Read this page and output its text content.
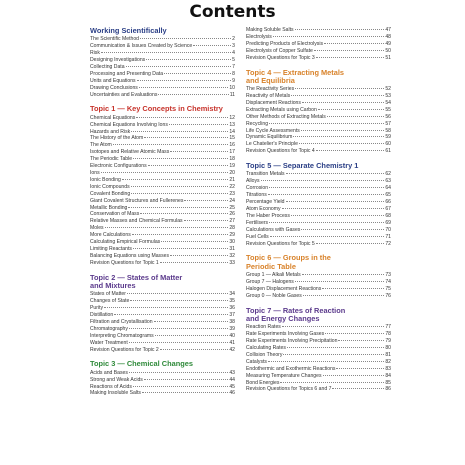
Contents
Working Scientifically
The Scientific Method	2
Communication & Issues Created by Science	3
Risk	4
Designing Investigations	5
Collecting Data	7
Processing and Presenting Data	8
Units and Equations	9
Drawing Conclusions	10
Uncertainties and Evaluations	11
Topic 1 — Key Concepts in Chemistry
Chemical Equations	12
Chemical Equations Involving Ions	13
Hazards and Risk	14
The History of the Atom	15
The Atom	16
Isotopes and Relative Atomic Mass	17
The Periodic Table	18
Electronic Configurations	19
Ions	20
Ionic Bonding	21
Ionic Compounds	22
Covalent Bonding	23
Giant Covalent Structures and Fullerenes	24
Metallic Bonding	25
Conservation of Mass	26
Relative Masses and Chemical Formulas	27
Moles	28
More Calculations	29
Calculating Empirical Formulas	30
Limiting Reactants	31
Balancing Equations using Masses	32
Revision Questions for Topic 1	33
Topic 2 — States of Matter
and Mixtures
States of Matter	34
Changes of State	35
Purity	36
Distillation	37
Filtration and Crystallisation	38
Chromatography	39
Interpreting Chromatograms	40
Water Treatment	41
Revision Questions for Topic 2	42
Topic 3 — Chemical Changes
Acids and Bases	43
Strong and Weak Acids	44
Reactions of Acids	45
Making Insoluble Salts	46
Making Soluble Salts	47
Electrolysis	48
Predicting Products of Electrolysis	49
Electrolysis of Copper Sulfate	50
Revision Questions for Topic 3	51
Topic 4 — Extracting Metals
and Equilibria
The Reactivity Series	52
Reactivity of Metals	53
Displacement Reactions	54
Extracting Metals using Carbon	55
Other Methods of Extracting Metals	56
Recycling	57
Life Cycle Assessments	58
Dynamic Equilibrium	59
Le Chatelier's Principle	60
Revision Questions for Topic 4	61
Topic 5 — Separate Chemistry 1
Transition Metals	62
Alloys	63
Corrosion	64
Titrations	65
Percentage Yield	66
Atom Economy	67
The Haber Process	68
Fertilisers	69
Calculations with Gases	70
Fuel Cells	71
Revision Questions for Topic 5	72
Topic 6 — Groups in the
Periodic Table
Group 1 — Alkali Metals	73
Group 7 — Halogens	74
Halogen Displacement Reactions	75
Group 0 — Noble Gases	76
Topic 7 — Rates of Reaction
and Energy Changes
Reaction Rates	77
Rate Experiments Involving Gases	78
Rate Experiments Involving Precipitation	79
Calculating Rates	80
Collision Theory	81
Catalysts	82
Endothermic and Exothermic Reactions	83
Measuring Temperature Changes	84
Bond Energies	85
Revision Questions for Topics 6 and 7	86
